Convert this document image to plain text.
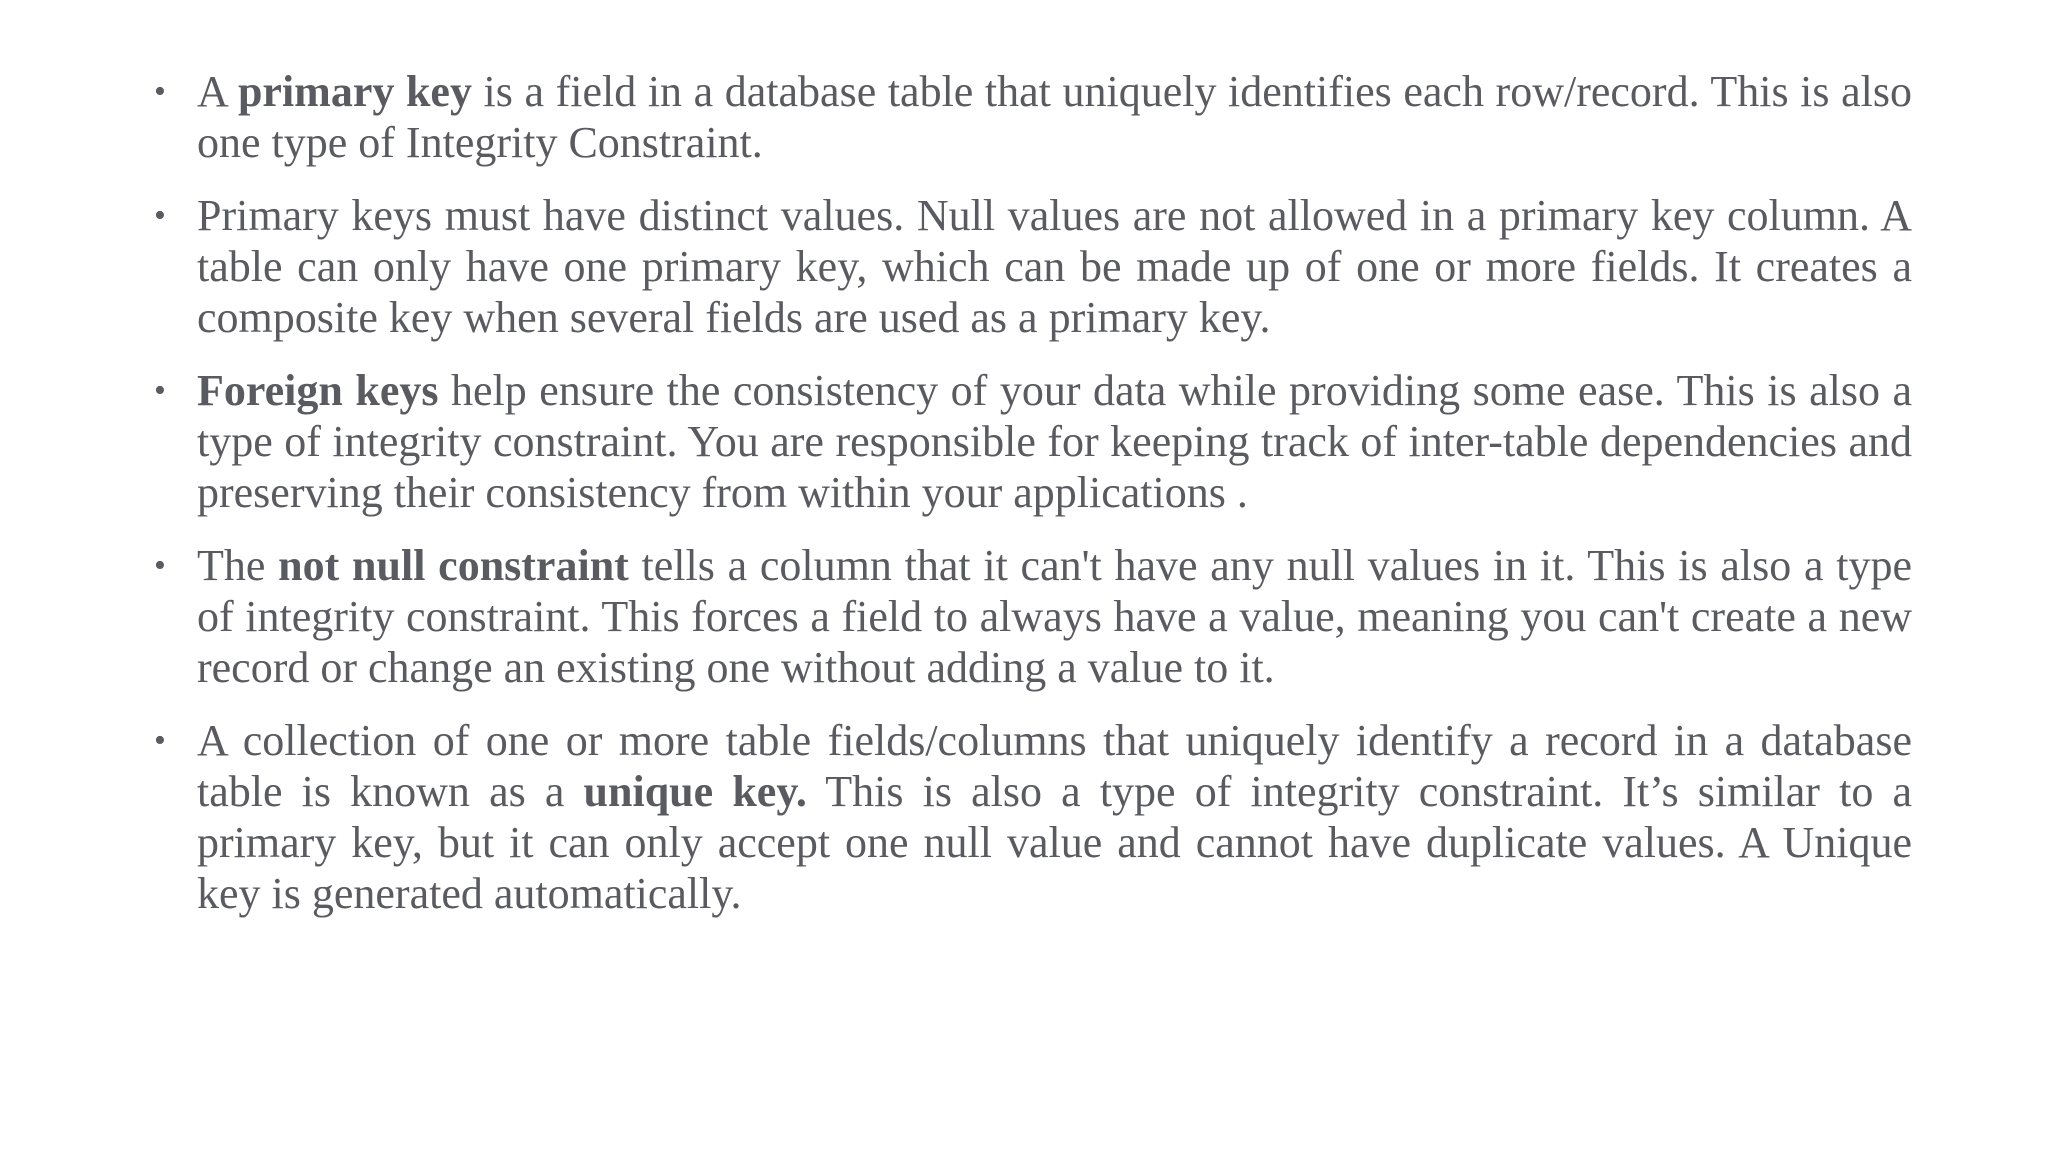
• A primary key is a field in a database table that uniquely identifies each row/record. This is also one type of Integrity Constraint.
• Primary keys must have distinct values. Null values are not allowed in a primary key column. A table can only have one primary key, which can be made up of one or more fields. It creates a composite key when several fields are used as a primary key.
• Foreign keys help ensure the consistency of your data while providing some ease. This is also a type of integrity constraint. You are responsible for keeping track of inter-table dependencies and preserving their consistency from within your applications .
• The not null constraint tells a column that it can't have any null values in it. This is also a type of integrity constraint. This forces a field to always have a value, meaning you can't create a new record or change an existing one without adding a value to it.
• A collection of one or more table fields/columns that uniquely identify a record in a database table is known as a unique key. This is also a type of integrity constraint. It’s similar to a primary key, but it can only accept one null value and cannot have duplicate values. A Unique key is generated automatically.
